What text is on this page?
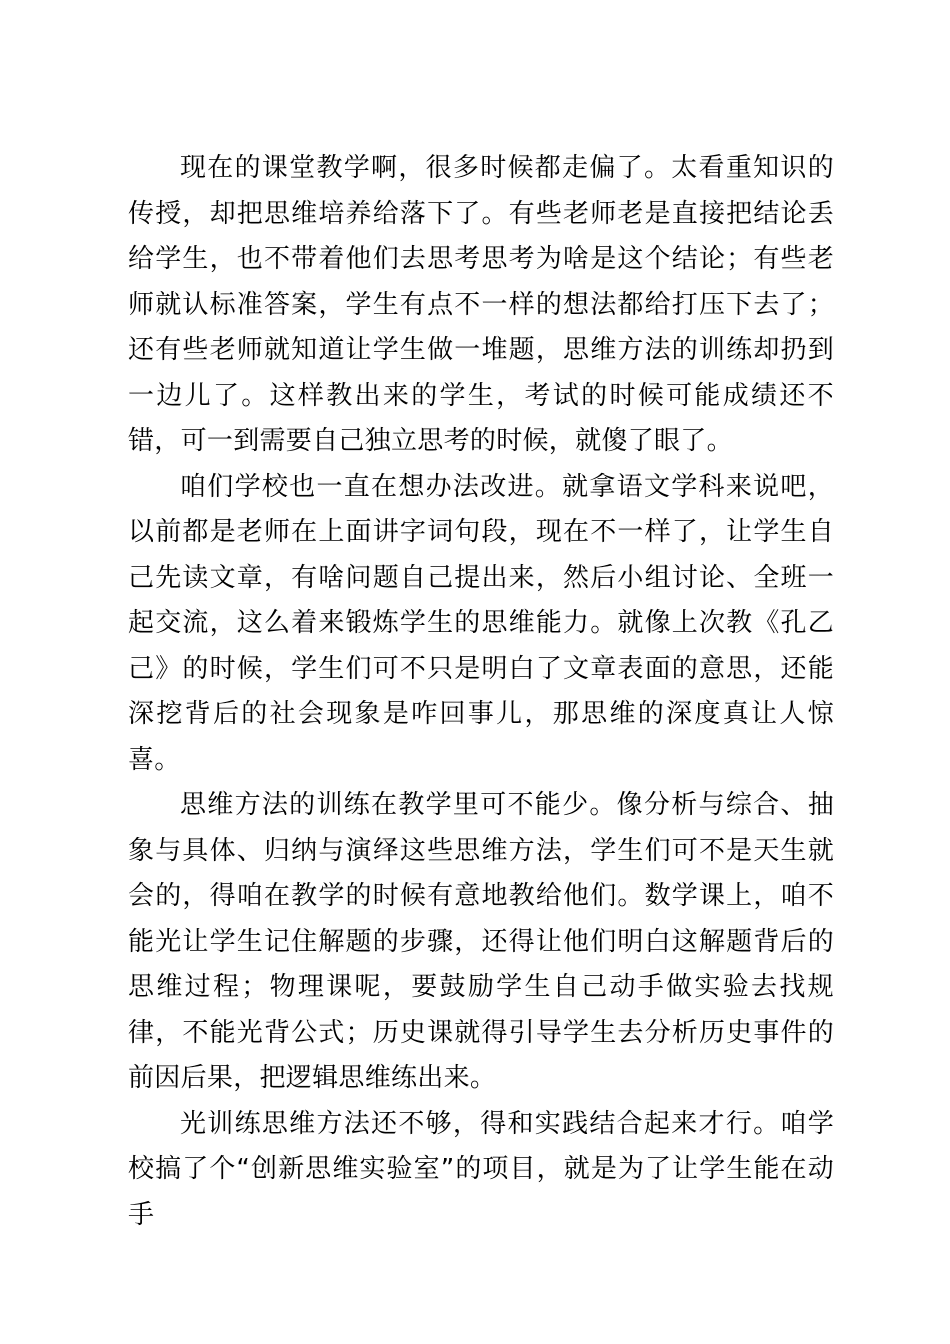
现在的课堂教学啊，很多时候都走偏了。太看重知识的传授，却把思维培养给落下了。有些老师老是直接把结论丢给学生，也不带着他们去思考思考为啥是这个结论；有些老师就认标准答案，学生有点不一样的想法都给打压下去了；还有些老师就知道让学生做一堆题，思维方法的训练却扔到一边儿了。这样教出来的学生，考试的时候可能成绩还不错，可一到需要自己独立思考的时候，就傻了眼了。

咱们学校也一直在想办法改进。就拿语文学科来说吧，以前都是老师在上面讲字词句段，现在不一样了，让学生自己先读文章，有啥问题自己提出来，然后小组讨论、全班一起交流，这么着来锻炼学生的思维能力。就像上次教《孔乙己》的时候，学生们可不只是明白了文章表面的意思，还能深挖背后的社会现象是咋回事儿，那思维的深度真让人惊喜。

思维方法的训练在教学里可不能少。像分析与综合、抽象与具体、归纳与演绎这些思维方法，学生们可不是天生就会的，得咱在教学的时候有意地教给他们。数学课上，咱不能光让学生记住解题的步骤，还得让他们明白这解题背后的思维过程；物理课呢，要鼓励学生自己动手做实验去找规律，不能光背公式；历史课就得引导学生去分析历史事件的前因后果，把逻辑思维练出来。

光训练思维方法还不够，得和实践结合起来才行。咱学校搞了个“创新思维实验室”的项目，就是为了让学生能在动手
